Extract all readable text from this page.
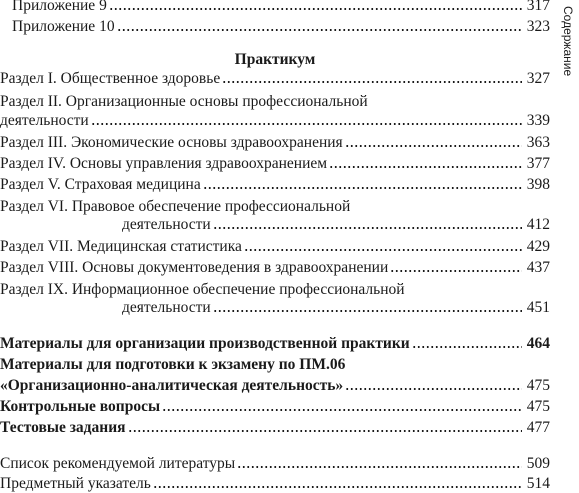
Приложение 9	317
Приложение 10	323
Практикум
Раздел I. Общественное здоровье	327
Раздел II. Организационные основы профессиональной
деятельности	339
Раздел III. Экономические основы здравоохранения	363
Раздел IV. Основы управления здравоохранением	377
Раздел V. Страховая медицина	398
Раздел VI. Правовое обеспечение профессиональной
деятельности	412
Раздел VII. Медицинская статистика	429
Раздел VIII. Основы документоведения в здравоохранении	437
Раздел IX. Информационное обеспечение профессиональной
деятельности	451
Материалы для организации производственной практики	464
Материалы для подготовки к экзамену по ПМ.06
«Организационно-аналитическая деятельность»	475
Контрольные вопросы	475
Тестовые задания	477
Список рекомендуемой литературы	509
Предметный указатель	514
Содержание
